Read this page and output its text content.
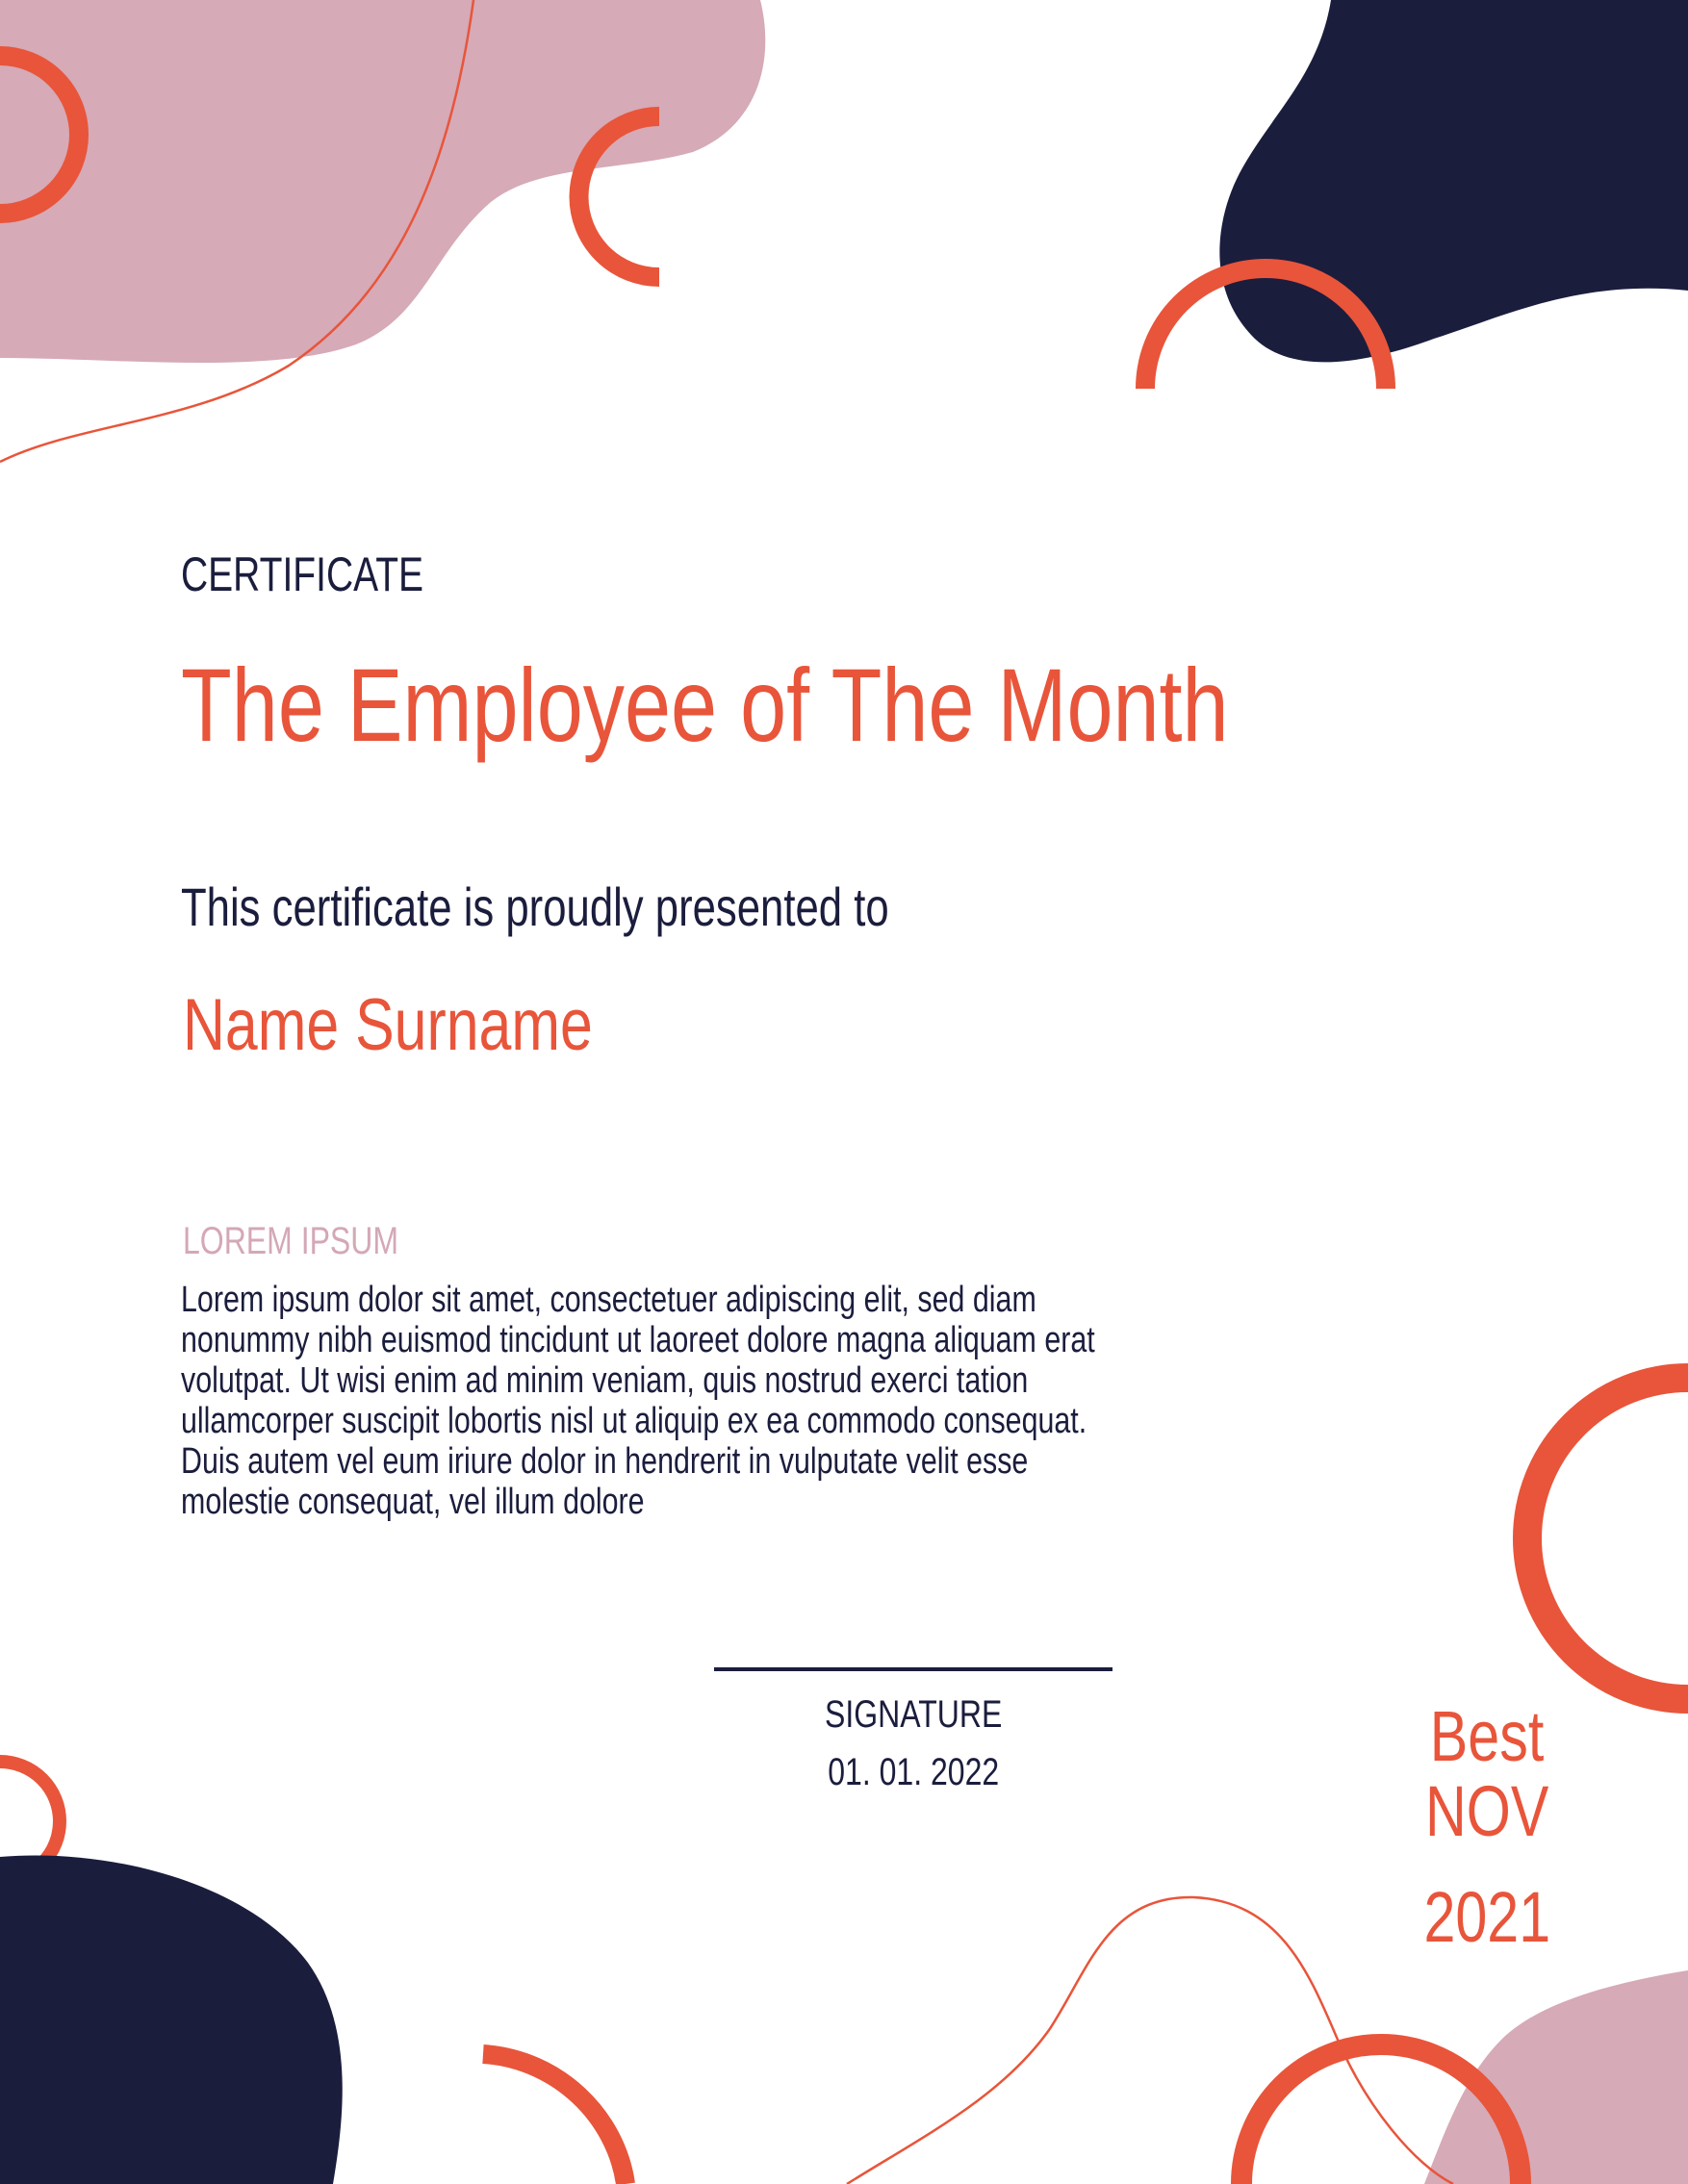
CERTIFICATE
The Employee of The Month
This certificate is proudly presented to
Name Surname
LOREM IPSUM
Lorem ipsum dolor sit amet, consectetuer adipiscing elit, sed diam nonummy nibh euismod tincidunt ut laoreet dolore magna aliquam erat volutpat. Ut wisi enim ad minim veniam, quis nostrud exerci tation ullamcorper suscipit lobortis nisl ut aliquip ex ea commodo consequat. Duis autem vel eum iriure dolor in hendrerit in vulputate velit esse molestie consequat, vel illum dolore
SIGNATURE
01. 01. 2022	Best
NOV
2021
